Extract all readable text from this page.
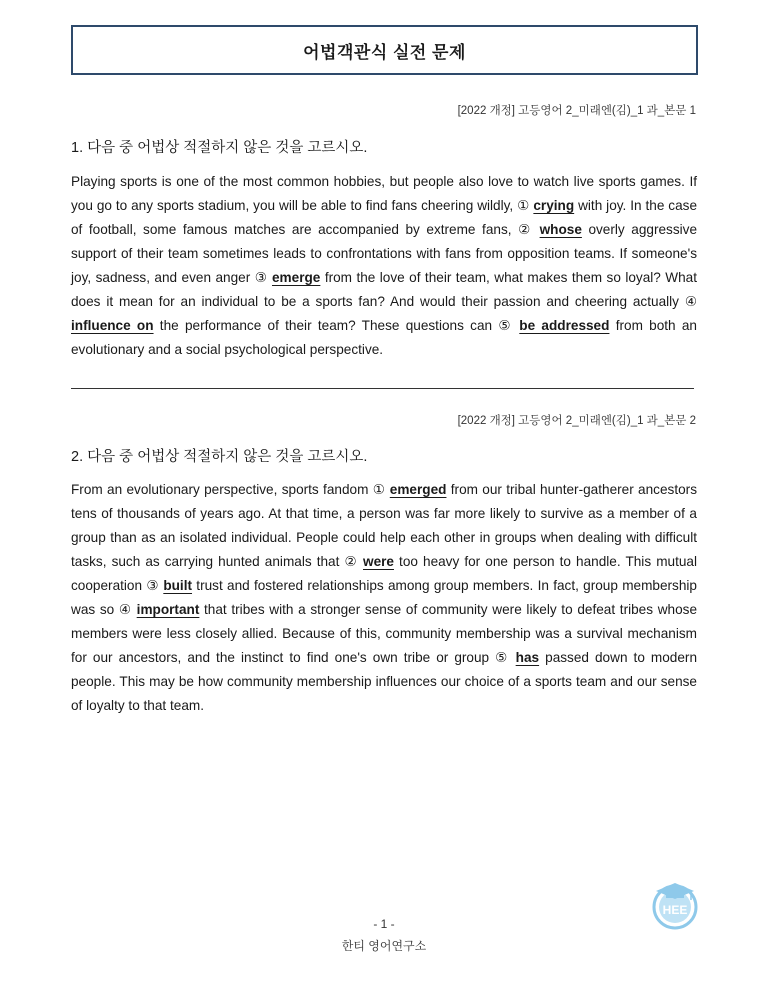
어법객관식 실전 문제
[2022 개정] 고등영어 2_미래엔(김)_1 과_본문 1
1. 다음 중 어법상 적절하지 않은 것을 고르시오.
Playing sports is one of the most common hobbies, but people also love to watch live sports games. If you go to any sports stadium, you will be able to find fans cheering wildly, ① crying with joy. In the case of football, some famous matches are accompanied by extreme fans, ② whose overly aggressive support of their team sometimes leads to confrontations with fans from opposition teams. If someone's joy, sadness, and even anger ③ emerge from the love of their team, what makes them so loyal? What does it mean for an individual to be a sports fan? And would their passion and cheering actually ④ influence on the performance of their team? These questions can ⑤ be addressed from both an evolutionary and a social psychological perspective.
[2022 개정] 고등영어 2_미래엔(김)_1 과_본문 2
2. 다음 중 어법상 적절하지 않은 것을 고르시오.
From an evolutionary perspective, sports fandom ① emerged from our tribal hunter-gatherer ancestors tens of thousands of years ago. At that time, a person was far more likely to survive as a member of a group than as an isolated individual. People could help each other in groups when dealing with difficult tasks, such as carrying hunted animals that ② were too heavy for one person to handle. This mutual cooperation ③ built trust and fostered relationships among group members. In fact, group membership was so ④ important that tribes with a stronger sense of community were likely to defeat tribes whose members were less closely allied. Because of this, community membership was a survival mechanism for our ancestors, and the instinct to find one's own tribe or group ⑤ has passed down to modern people. This may be how community membership influences our choice of a sports team and our sense of loyalty to that team.
HEE
- 1 -
한티 영어연구소
